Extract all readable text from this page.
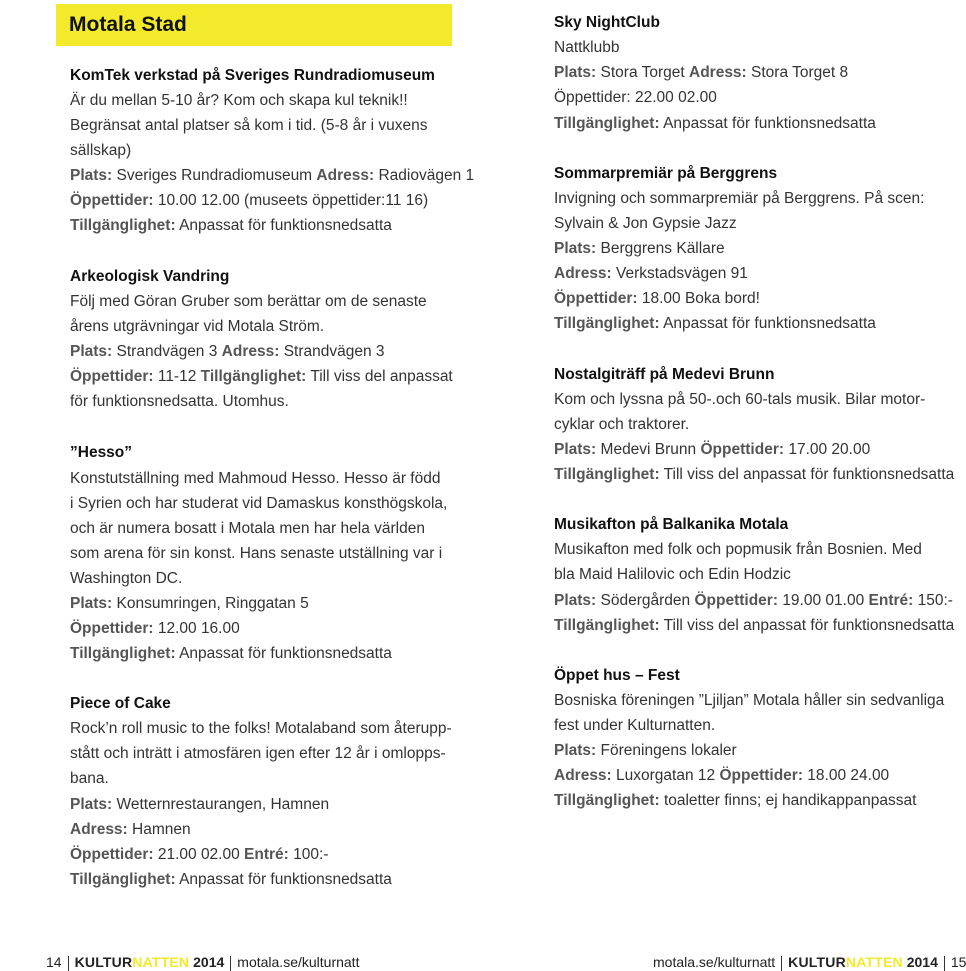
Motala Stad
KomTek verkstad på Sveriges Rundradiomuseum
Är du mellan 5-10 år? Kom och skapa kul teknik!!
Begränsat antal platser så kom i tid. (5-8 år i vuxens
sällskap)
Plats: Sveriges Rundradiomuseum Adress: Radiovägen 1
Öppettider: 10.00 12.00 (museets öppettider:11 16)
Tillgänglighet: Anpassat för funktionsnedsatta
Arkeologisk Vandring
Följ med Göran Gruber som berättar om de senaste
årens utgrävningar vid Motala Ström.
Plats: Strandvägen 3 Adress: Strandvägen 3
Öppettider: 11-12 Tillgänglighet: Till viss del anpassat
för funktionsnedsatta. Utomhus.
”Hesso”
Konstutställning med Mahmoud Hesso. Hesso är född
i Syrien och har studerat vid Damaskus konsthögskola,
och är numera bosatt i Motala men har hela världen
som arena för sin konst. Hans senaste utställning var i
Washington DC.
Plats: Konsumringen, Ringgatan 5
Öppettider: 12.00 16.00
Tillgänglighet: Anpassat för funktionsnedsatta
Piece of Cake
Rock’n roll music to the folks! Motalaband som återupp-
stått och inträtt i atmosfären igen efter 12 år i omlopps-
bana.
Plats: Wetternrestaurangen, Hamnen
Adress: Hamnen
Öppettider: 21.00 02.00 Entré: 100:-
Tillgänglighet: Anpassat för funktionsnedsatta
Sky NightClub
Nattklubb
Plats: Stora Torget Adress: Stora Torget 8
Öppettider: 22.00 02.00
Tillgänglighet: Anpassat för funktionsnedsatta
Sommarpremiär på Berggrens
Invigning och sommarpremiär på Berggrens. På scen:
Sylvain & Jon Gypsie Jazz
Plats: Berggrens Källare
Adress: Verkstadsvägen 91
Öppettider: 18.00 Boka bord!
Tillgänglighet: Anpassat för funktionsnedsatta
Nostalgiträff på Medevi Brunn
Kom och lyssna på 50-.och 60-tals musik. Bilar motor-
cyklar och traktorer.
Plats: Medevi Brunn Öppettider: 17.00 20.00
Tillgänglighet: Till viss del anpassat för funktionsnedsatta
Musikafton på Balkanika Motala
Musikafton med folk och popmusik från Bosnien. Med
bla Maid Halilovic och Edin Hodzic
Plats: Södergården Öppettider: 19.00 01.00 Entré: 150:-
Tillgänglighet: Till viss del anpassat för funktionsnedsatta
Öppet hus – Fest
Bosniska föreningen ”Ljiljan” Motala håller sin sedvanliga
fest under Kulturnatten.
Plats: Föreningens lokaler
Adress: Luxorgatan 12 Öppettider: 18.00 24.00
Tillgänglighet: toaletter finns; ej handikappanpassat
14 KULTURNATTEN 2014 motala.se/kulturnatt	motala.se/kulturnatt KULTURNATTEN 2014 15
